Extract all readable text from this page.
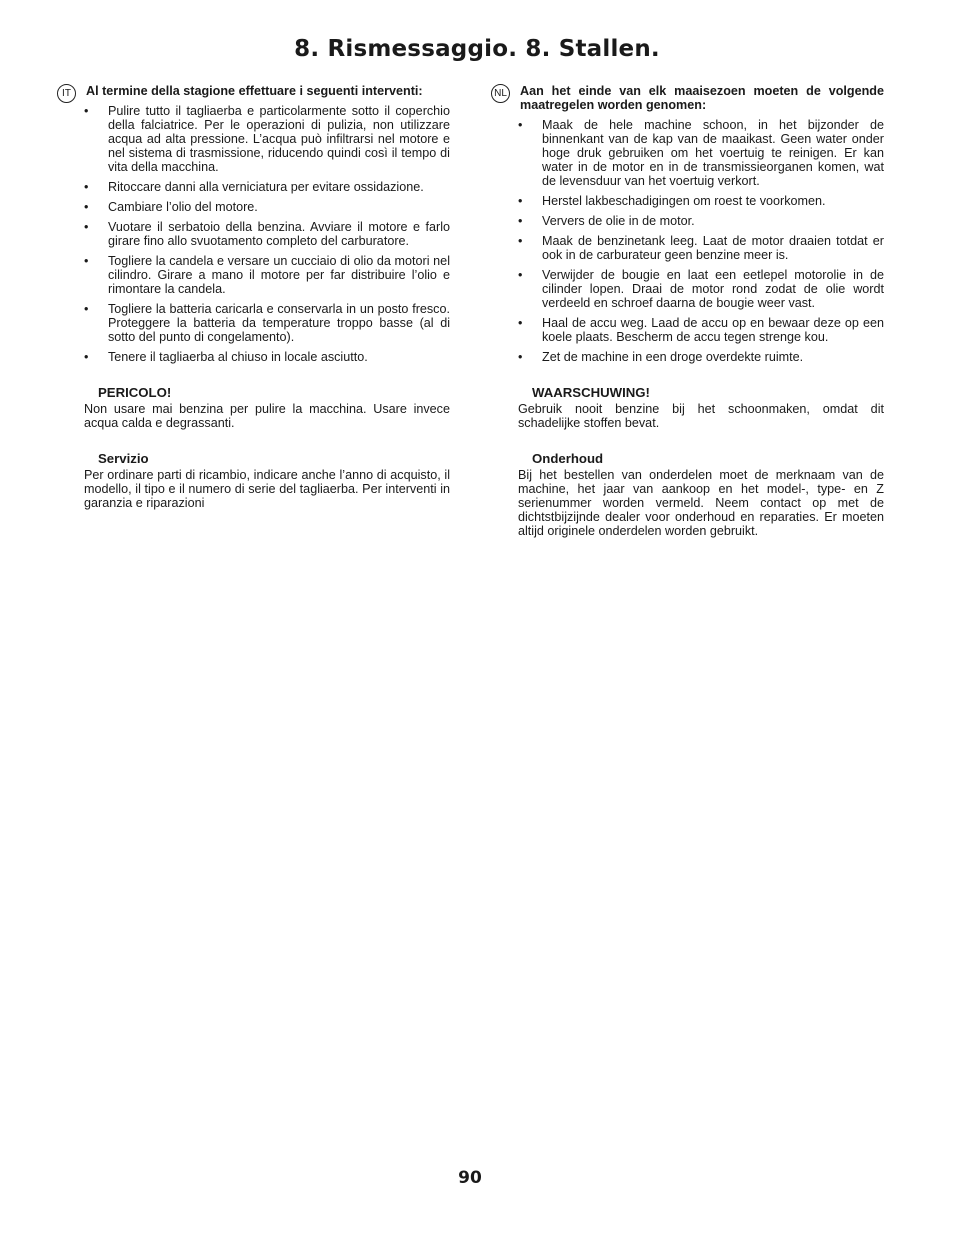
8. Rismessaggio. 8. Stallen.
IT	Al termine della stagione effettuare i seguenti interventi:

• Pulire tutto il tagliaerba e particolarmente sotto il coperchio della falciatrice. Per le operazioni di pulizia, non utilizzare acqua ad alta pressione. L’acqua può infiltrarsi nel motore e nel sistema di trasmissione, riducendo quindi così il tempo di vita della macchina.
• Ritoccare danni alla verniciatura per evitare ossidazione.
• Cambiare l’olio del motore.
• Vuotare il serbatoio della benzina. Avviare il motore e farlo girare fino allo svuotamento completo del carburatore.
• Togliere la candela e versare un cucciaio di olio da motori nel cilindro. Girare a mano il motore per far distribuire l’olio e rimontare la candela.
• Togliere la batteria caricarla e conservarla in un posto fresco. Proteggere la batteria da temperature troppo basse (al di sotto del punto di congelamento).
• Tenere il tagliaerba al chiuso in locale asciutto.
PERICOLO!

Non usare mai benzina per pulire la macchina. Usare invece acqua calda e degrassanti.

Servizio

Per ordinare parti di ricambio, indicare anche l’anno di acquisto, il modello, il tipo e il numero di serie del tagliaerba. Per interventi in garanzia e riparazioni

NL Aan het einde van elk maaisezoen moeten de volgende maatregelen worden genomen:

• Maak de hele machine schoon, in het bijzonder de binnenkant van de kap van de maaikast. Geen water onder hoge druk gebruiken om het voertuig te reinigen. Er kan water in de motor en in de transmissieorganen komen, wat de levensduur van het voertuig verkort.
• Herstel lakbeschadigingen om roest te voorkomen.
• Ververs de olie in de motor.
• Maak de benzinetank leeg. Laat de motor draaien totdat er ook in de carburateur geen benzine meer is.
• Verwijder de bougie en laat een eetlepel motorolie in de cilinder lopen. Draai de motor rond zodat de olie wordt verdeeld en schroef daarna de bougie weer vast.
• Haal de accu weg. Laad de accu op en bewaar deze op een koele plaats. Bescherm de accu tegen strenge kou.
• Zet de machine in een droge overdekte ruimte.
WAARSCHUWING!

Gebruik nooit benzine bij het schoonmaken, omdat dit schadelijke stoffen bevat.

Onderhoud

Bij het bestellen van onderdelen moet de merknaam van de machine, het jaar van aankoop en het model-, type- en Z serienummer worden vermeld. Neem contact op met de dichtstbijzijnde dealer voor onderhoud en reparaties. Er moeten altijd originele onderdelen worden gebruikt.

90
